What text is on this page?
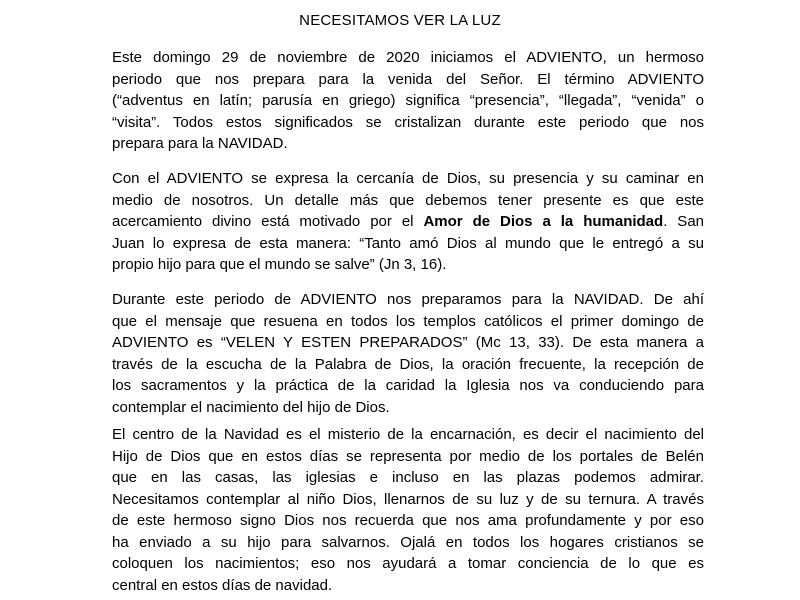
NECESITAMOS VER LA LUZ
Este domingo 29 de noviembre de 2020 iniciamos el ADVIENTO, un hermoso
periodo que nos prepara para la venida del Señor. El término ADVIENTO
(“adventus en latín; parusía en griego) significa “presencia”, “llegada”, “venida” o
“visita”. Todos estos significados se cristalizan durante este periodo que nos
prepara para la NAVIDAD.
Con el ADVIENTO se expresa la cercanía de Dios, su presencia y su caminar en
medio de nosotros. Un detalle más que debemos tener presente es que este
acercamiento divino está motivado por el Amor de Dios a la humanidad. San
Juan lo expresa de esta manera: “Tanto amó Dios al mundo que le entregó a su
propio hijo para que el mundo se salve” (Jn 3, 16).
Durante este periodo de ADVIENTO nos preparamos para la NAVIDAD. De ahí
que el mensaje que resuena en todos los templos católicos el primer domingo de
ADVIENTO es “VELEN Y ESTEN PREPARADOS” (Mc 13, 33). De esta manera a
través de la escucha de la Palabra de Dios, la oración frecuente, la recepción de
los sacramentos y la práctica de la caridad la Iglesia nos va conduciendo para
contemplar el nacimiento del hijo de Dios.
El centro de la Navidad es el misterio de la encarnación, es decir el nacimiento del
Hijo de Dios que en estos días se representa por medio de los portales de Belén
que en las casas, las iglesias e incluso en las plazas podemos admirar.
Necesitamos contemplar al niño Dios, llenarnos de su luz y de su ternura. A través
de este hermoso signo Dios nos recuerda que nos ama profundamente y por eso
ha enviado a su hijo para salvarnos. Ojalá en todos los hogares cristianos se
coloquen los nacimientos; eso nos ayudará a tomar conciencia de lo que es
central en estos días de navidad.
